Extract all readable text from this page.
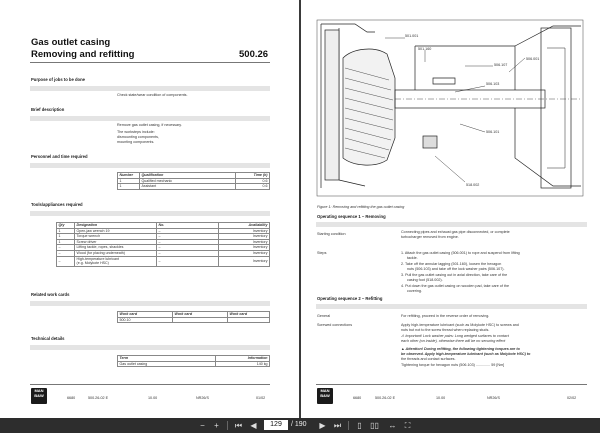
Gas outlet casing
Removing and refitting	500.26
Purpose of jobs to be done
Check state/wear condition of components.
Brief description
Remove gas outlet casing, if necessary.
The worksteps include:
dismounting components,
mounting components.
Personnel and time required
Number	Qualification	Time (h)
1	Qualified mechanic	0.6
1	Assistant	0.6
Tools/appliances required
Qty	Designation	No.	Availability
1	Open-jaw wrench 19	–	Inventory
1	Torque wrench	–	Inventory
1	Screw driver	–	Inventory
–	Lifting tackle, ropes, shackles	–	Inventory
–	Wood (for placing underneath)	–	Inventory
–	High-temperature lubricant
(e.g. Molykote HSC)	–	Inventory
Related work cards
Work card	Work card	Work card
500.10		
Technical details
Term	Information
Gas outlet casing	140 kg
MAN B&W	6680	500.26-02 E	10.00	NR26/S	01/02
501.001
501.160
506.107
506.001
506.103
506.101
518.002
Figure 1: Removing and refitting the gas outlet casing
Operating sequence 1 – Removing
Starting condition	Connecting pipes and exhaust gas pipe disconnected, or complete
turbocharger removed from engine.
Steps	1. Attach the gas outlet casing (506.001) to rope and suspend from lifting
tackle.
2. Take off the annular lagging (501.160), loosen the hexagon
nuts (506.103) and take off the lock washer pairs (506.107).
3. Pull the gas outlet casing out in axial direction, take care of the
casing foot (518.002).
4. Put down the gas outlet casing on wooden pad, take care of the
covering.
Operating sequence 2 – Refitting
General	For refitting, proceed in the reverse order of removing.
Screwed connections	Apply high-temperature lubricant (such as Molykote HSC) to screws and
nuts but not to the screw thread when replacing studs.
⚠ Important! Lock washer pairs: Long wedged surfaces to contact
each other (on inside), otherwise there will be no securing effect
▲ Attention! During refitting, the following tightening torques are to
be observed. Apply high-temperature lubricant (such as Molykote HSC) to
the threads and contact surfaces.
Tightening torque for hexagon nuts (506.103) .............. 59 [Nm]
MAN B&W	6680	500.26-02 E	10.00	NR26/S	02/02
−	+	⏮	◀
129	/ 190	▶	⏭	▯	▯▯	↔	⛶
